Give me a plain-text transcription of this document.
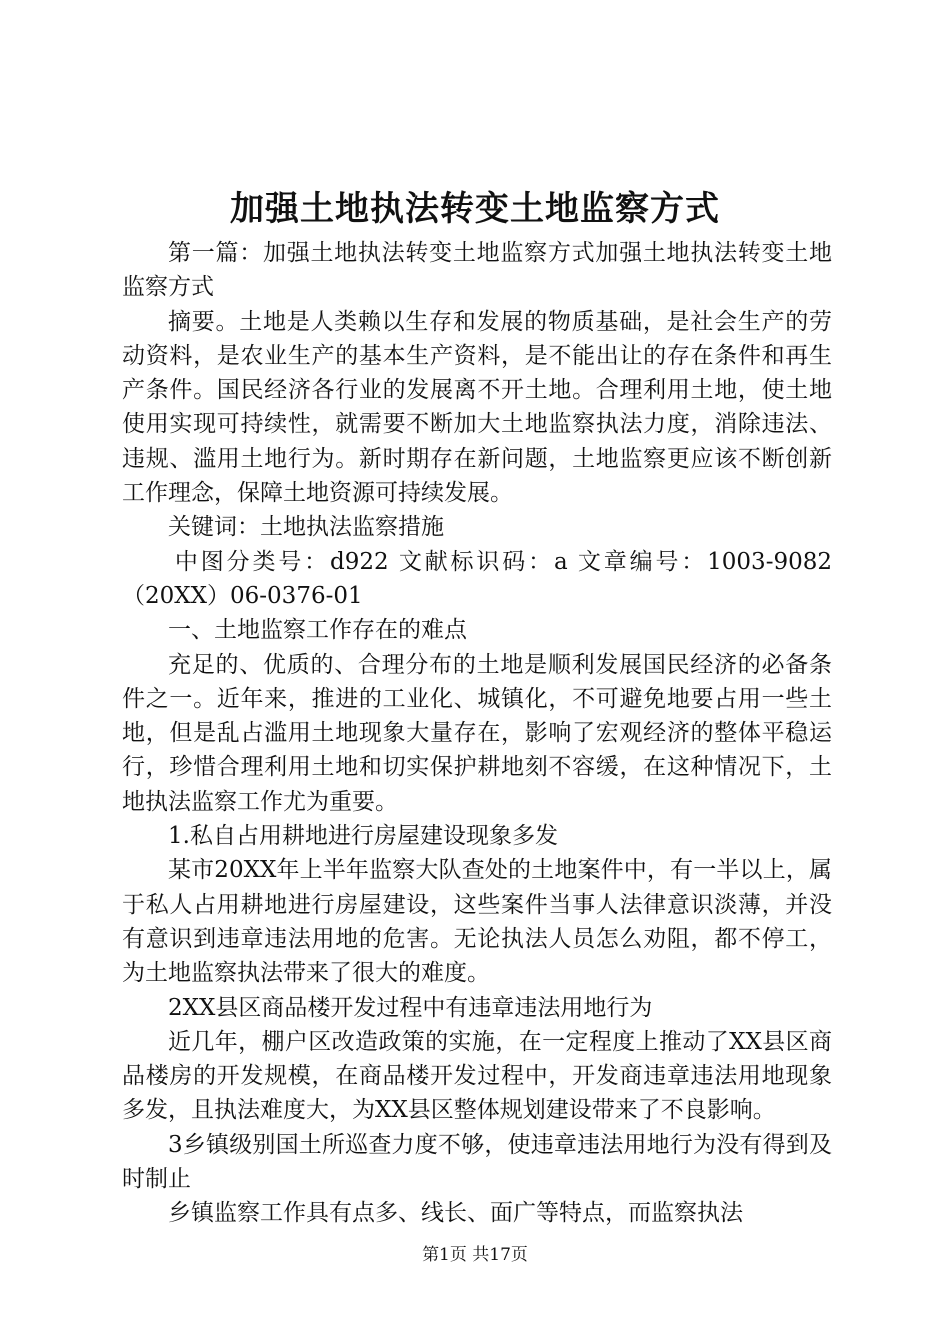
加强土地执法转变土地监察方式

第一篇：加强土地执法转变土地监察方式加强土地执法转变土地监察方式

摘要。土地是人类赖以生存和发展的物质基础，是社会生产的劳动资料，是农业生产的基本生产资料，是不能出让的存在条件和再生产条件。国民经济各行业的发展离不开土地。合理利用土地，使土地使用实现可持续性，就需要不断加大土地监察执法力度，消除违法、违规、滥用土地行为。新时期存在新问题，土地监察更应该不断创新工作理念，保障土地资源可持续发展。

关键词：土地执法监察措施

中图分类号：d922 文献标识码：a 文章编号：1003-9082（20XX）06-0376-01

一、土地监察工作存在的难点

充足的、优质的、合理分布的土地是顺利发展国民经济的必备条件之一。近年来，推进的工业化、城镇化，不可避免地要占用一些土地，但是乱占滥用土地现象大量存在，影响了宏观经济的整体平稳运行，珍惜合理利用土地和切实保护耕地刻不容缓，在这种情况下，土地执法监察工作尤为重要。

1.私自占用耕地进行房屋建设现象多发

某市20XX年上半年监察大队查处的土地案件中，有一半以上，属于私人占用耕地进行房屋建设，这些案件当事人法律意识淡薄，并没有意识到违章违法用地的危害。无论执法人员怎么劝阻，都不停工，为土地监察执法带来了很大的难度。

2XX县区商品楼开发过程中有违章违法用地行为

近几年，棚户区改造政策的实施，在一定程度上推动了XX县区商品楼房的开发规模，在商品楼开发过程中，开发商违章违法用地现象多发，且执法难度大，为XX县区整体规划建设带来了不良影响。

3乡镇级别国土所巡查力度不够，使违章违法用地行为没有得到及时制止

乡镇监察工作具有点多、线长、面广等特点，而监察执法

第1页 共17页
